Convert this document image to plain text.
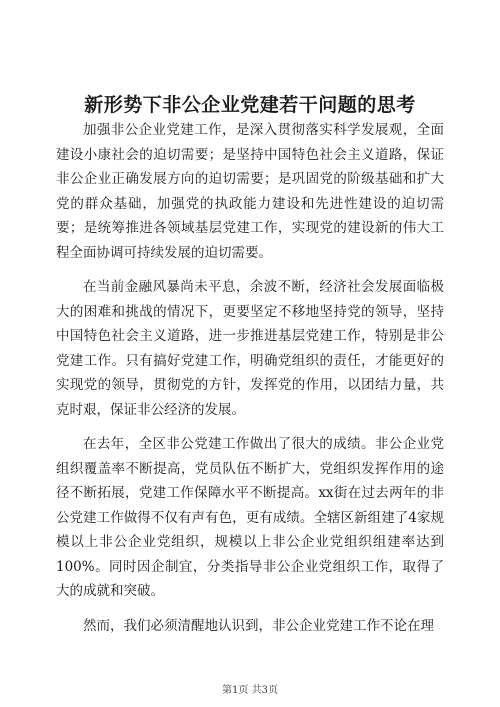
新形势下非公企业党建若干问题的思考

加强非公企业党建工作，是深入贯彻落实科学发展观，全面建设小康社会的迫切需要；是坚持中国特色社会主义道路，保证非公企业正确发展方向的迫切需要；是巩固党的阶级基础和扩大党的群众基础，加强党的执政能力建设和先进性建设的迫切需要；是统筹推进各领域基层党建工作，实现党的建设新的伟大工程全面协调可持续发展的迫切需要。

在当前金融风暴尚未平息，余波不断，经济社会发展面临极大的困难和挑战的情况下，更要坚定不移地坚持党的领导，坚持中国特色社会主义道路，进一步推进基层党建工作，特别是非公党建工作。只有搞好党建工作，明确党组织的责任，才能更好的实现党的领导，贯彻党的方针，发挥党的作用，以团结力量，共克时艰，保证非公经济的发展。

在去年，全区非公党建工作做出了很大的成绩。非公企业党组织覆盖率不断提高，党员队伍不断扩大，党组织发挥作用的途径不断拓展，党建工作保障水平不断提高。xx街在过去两年的非公党建工作做得不仅有声有色，更有成绩。全辖区新组建了4家规模以上非公企业党组织，规模以上非公企业党组织组建率达到100%。同时因企制宜，分类指导非公企业党组织工作，取得了大的成就和突破。

然而，我们必须清醒地认识到，非公企业党建工作不论在理

第1页 共3页
